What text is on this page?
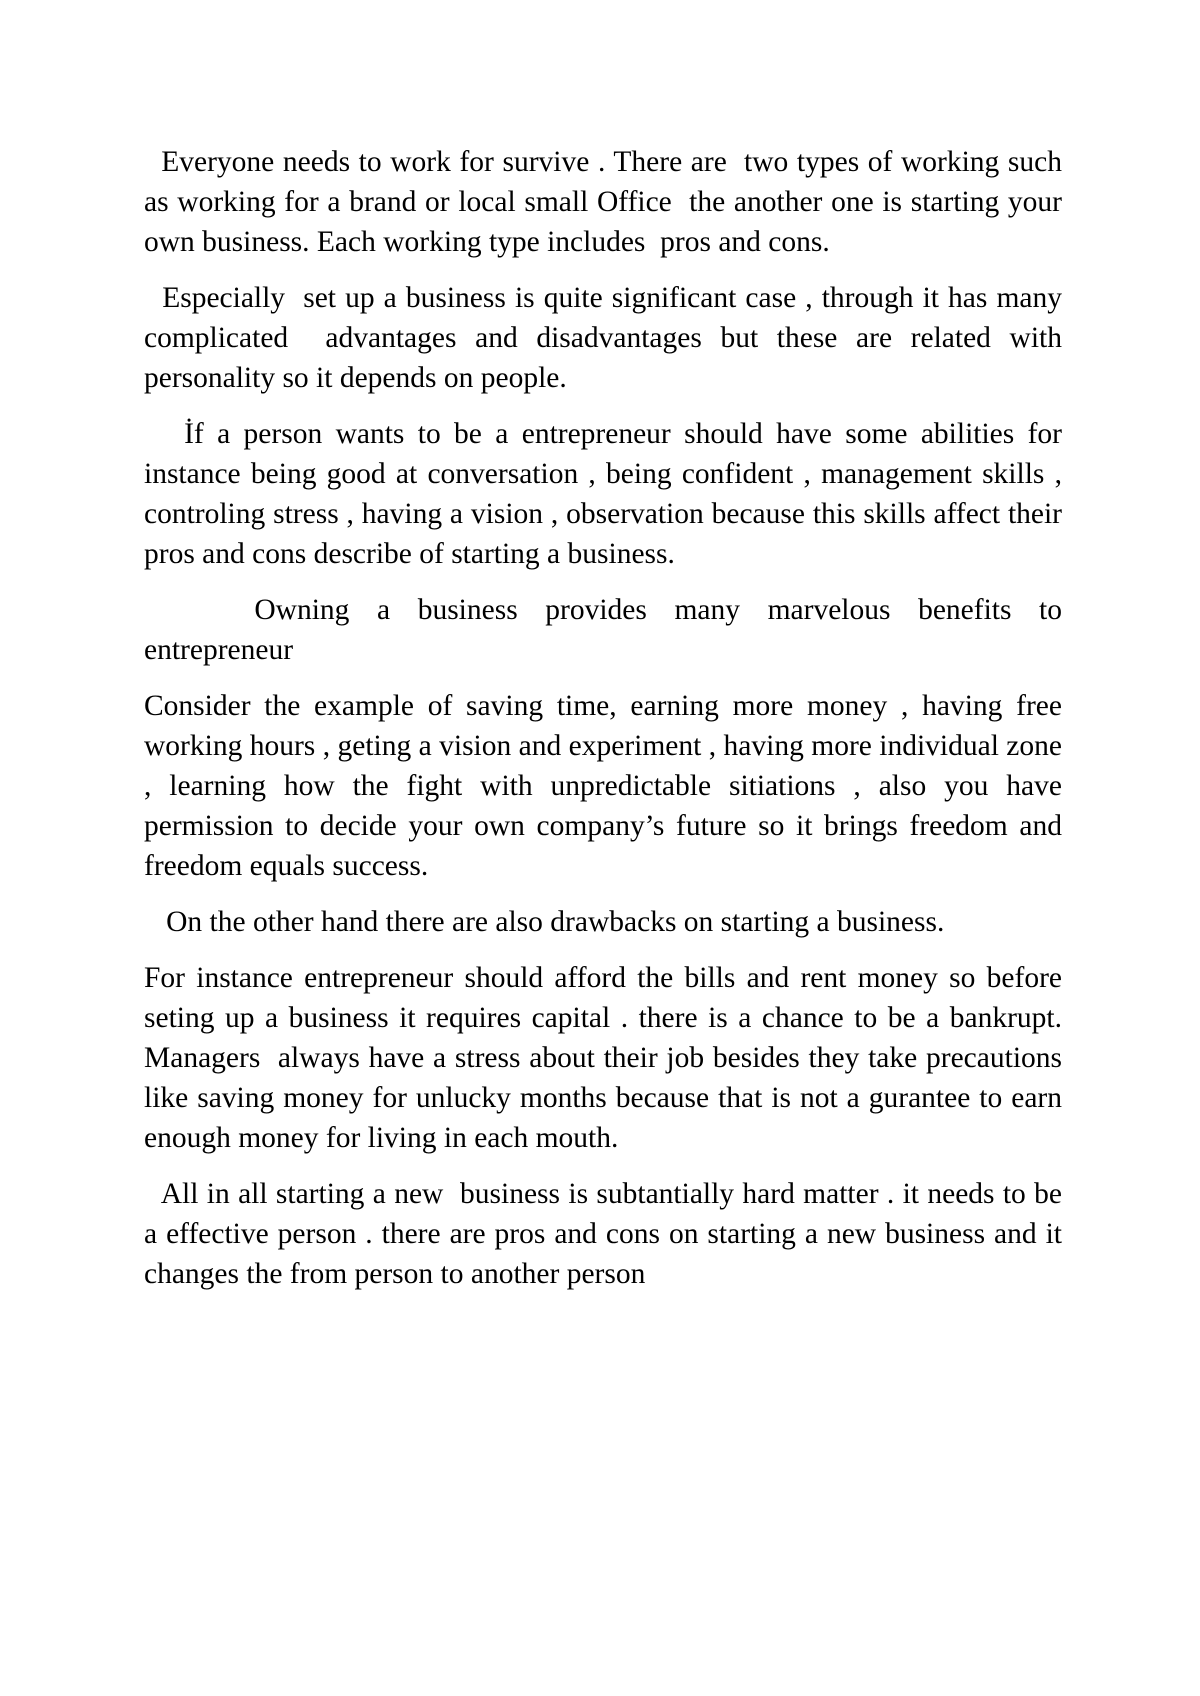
Everyone needs to work for survive . There are  two types of working such as working for a brand or local small Office  the another one is starting your own business. Each working type includes  pros and cons.

Especially  set up a business is quite significant case , through it has many complicated  advantages and disadvantages but these are related with personality so it depends on people.

İf a person wants to be a entrepreneur should have some abilities for instance being good at conversation , being confident , management skills , controling stress , having a vision , observation because this skills affect their  pros and cons describe of starting a business.

Owning  a  business  provides  many  marvelous  benefits  to entrepreneur

Consider the example of saving time, earning more money , having free  working hours , geting a vision and experiment , having more individual zone , learning how the fight with unpredictable sitiations , also you have permission to decide your own company’s future so it brings freedom and freedom equals success.

On the other hand there are also drawbacks on starting a business.

For instance entrepreneur should afford the bills and rent money so before seting up a business it requires capital . there is a chance to be a bankrupt.  Managers  always have a stress about their job besides they take precautions like saving money for unlucky months because that is not a gurantee to earn enough money for living in each mouth.

All in all starting a new  business is subtantially hard matter . it needs to be a effective person . there are pros and cons on starting a new business and it changes the from person to another person
